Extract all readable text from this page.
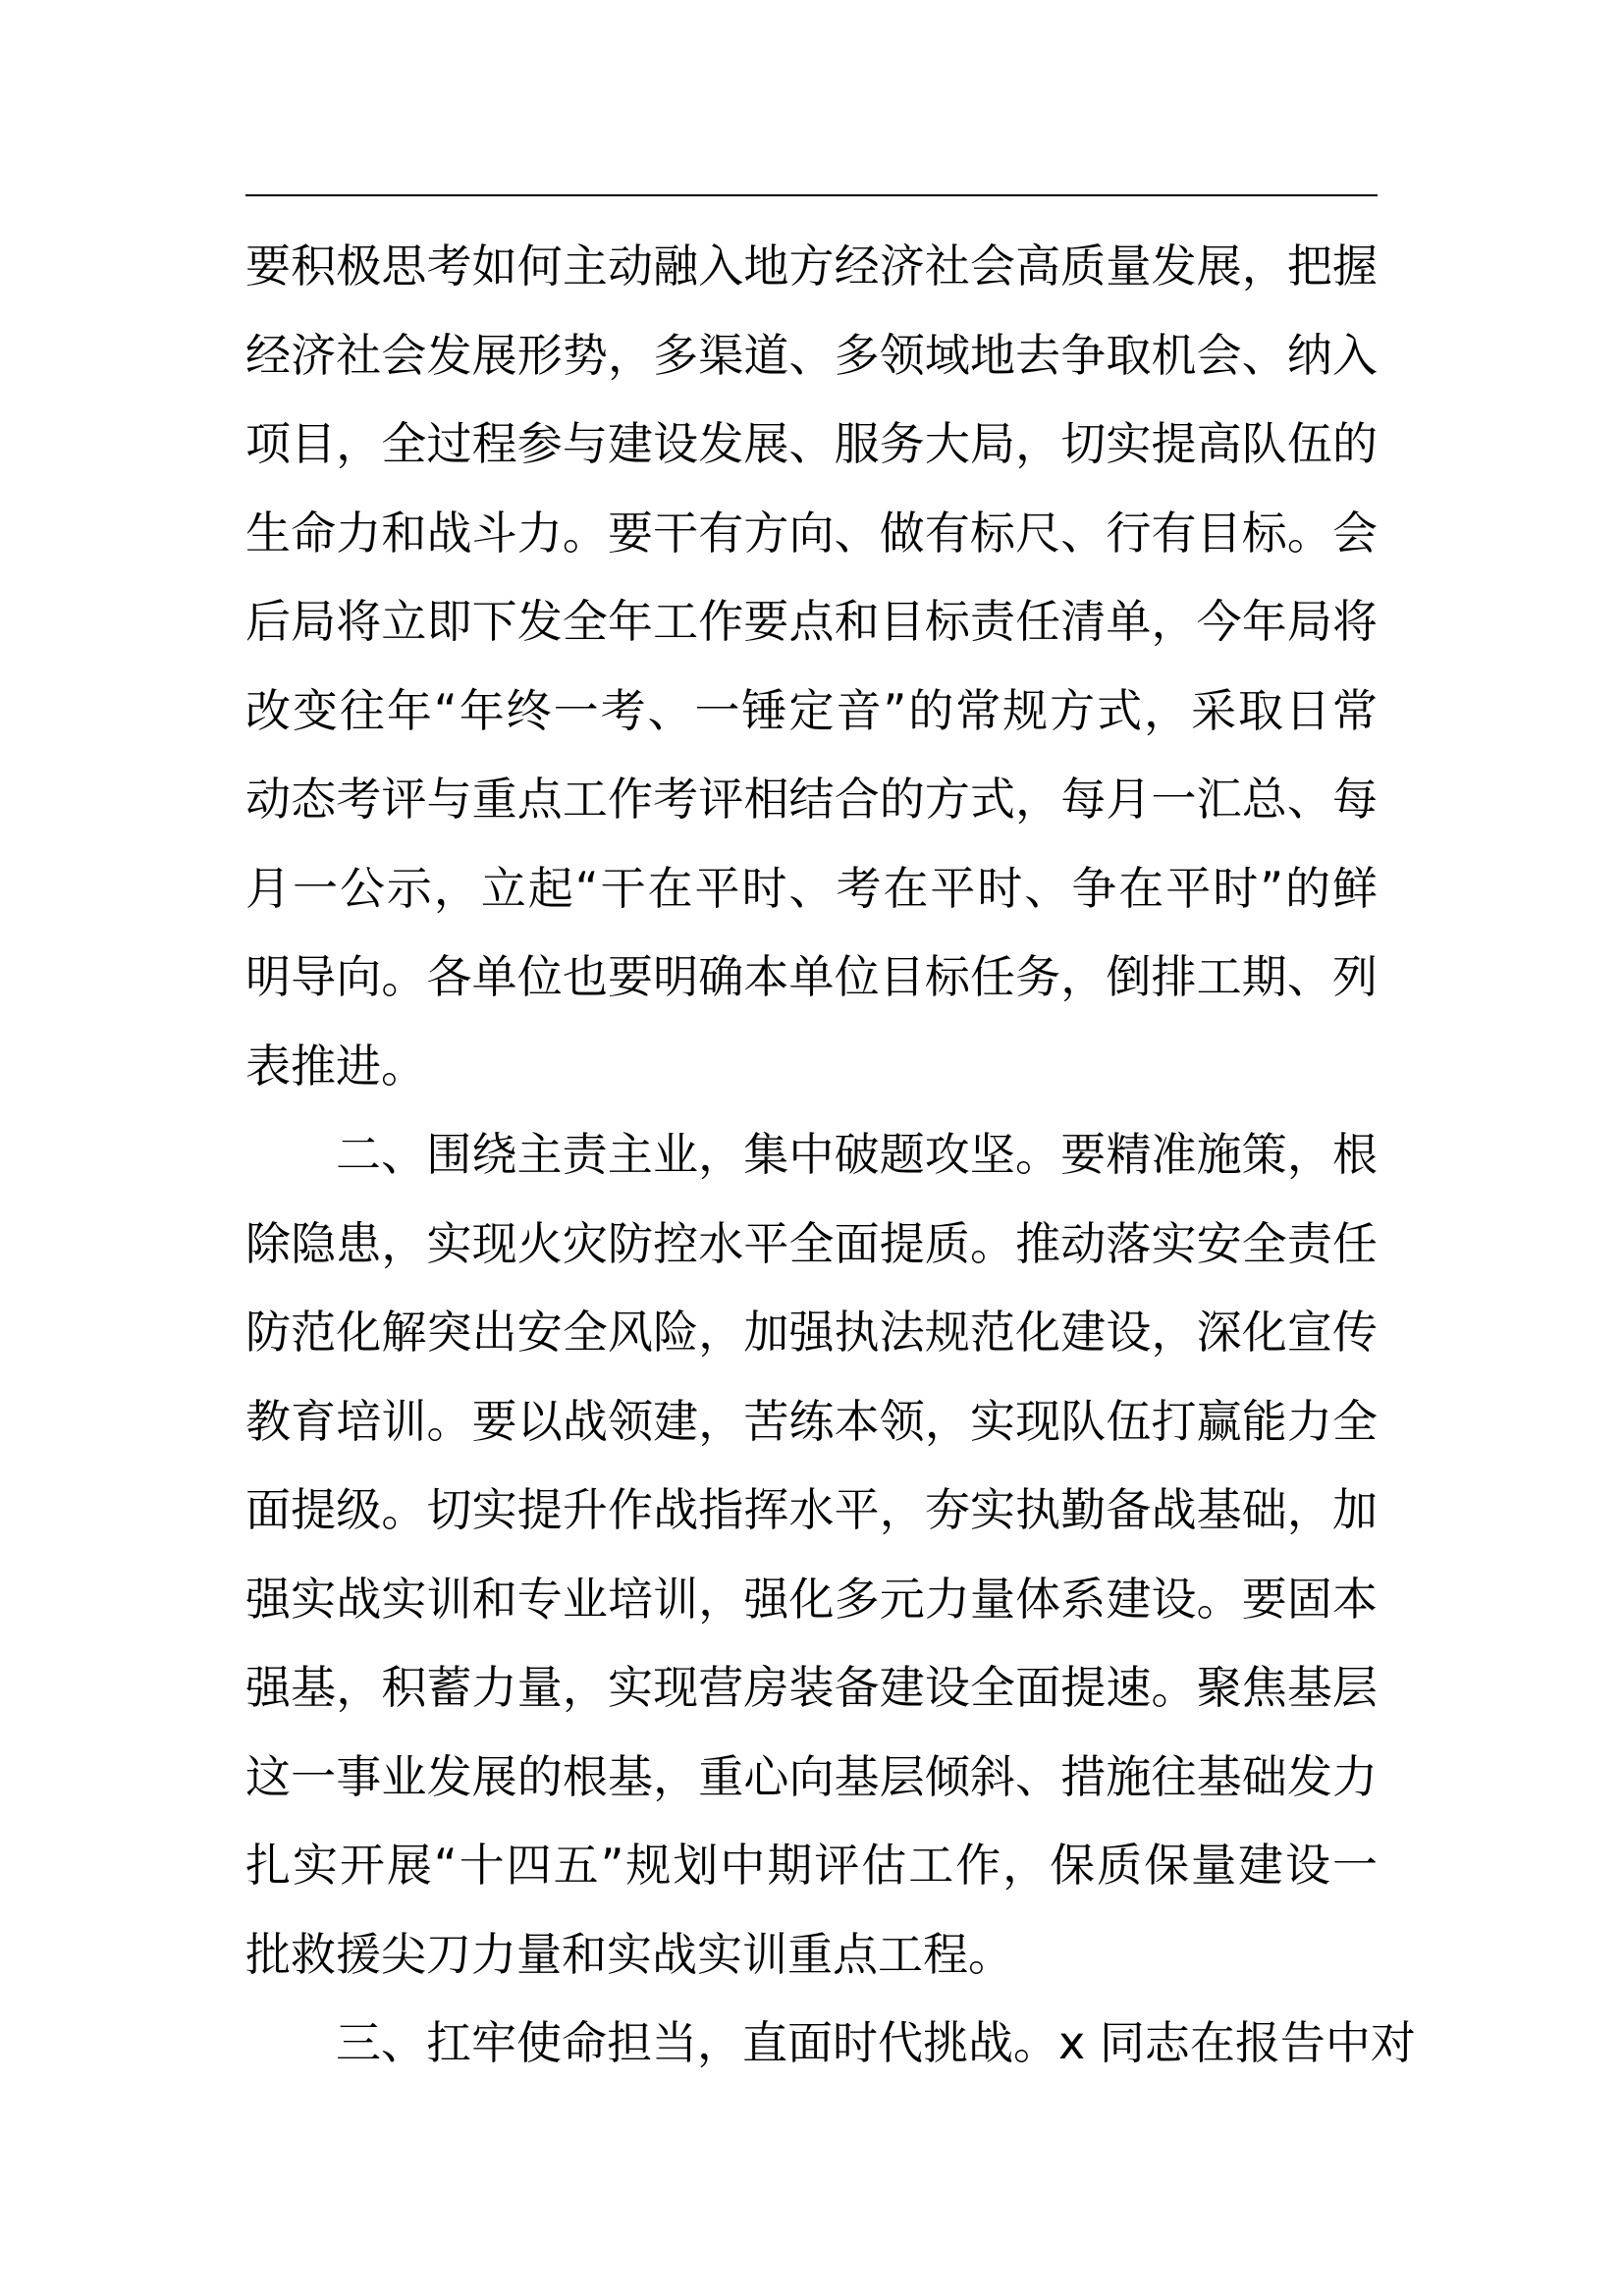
要积极思考如何主动融入地方经济社会高质量发展，把握
经济社会发展形势，多渠道、多领域地去争取机会、纳入
项目，全过程参与建设发展、服务大局，切实提高队伍的
生命力和战斗力。要干有方向、做有标尺、行有目标。会
后局将立即下发全年工作要点和目标责任清单，今年局将
改变往年“年终一考、一锤定音”的常规方式，采取日常
动态考评与重点工作考评相结合的方式，每月一汇总、每
月一公示，立起“干在平时、考在平时、争在平时”的鲜
明导向。各单位也要明确本单位目标任务，倒排工期、列
表推进。
二、围绕主责主业，集中破题攻坚。要精准施策，根
除隐患，实现火灾防控水平全面提质。推动落实安全责任
防范化解突出安全风险，加强执法规范化建设，深化宣传
教育培训。要以战领建，苦练本领，实现队伍打赢能力全
面提级。切实提升作战指挥水平，夯实执勤备战基础，加
强实战实训和专业培训，强化多元力量体系建设。要固本
强基，积蓄力量，实现营房装备建设全面提速。聚焦基层
这一事业发展的根基，重心向基层倾斜、措施往基础发力
扎实开展“十四五”规划中期评估工作，保质保量建设一
批救援尖刀力量和实战实训重点工程。
三、扛牢使命担当，直面时代挑战。x 同志在报告中对
